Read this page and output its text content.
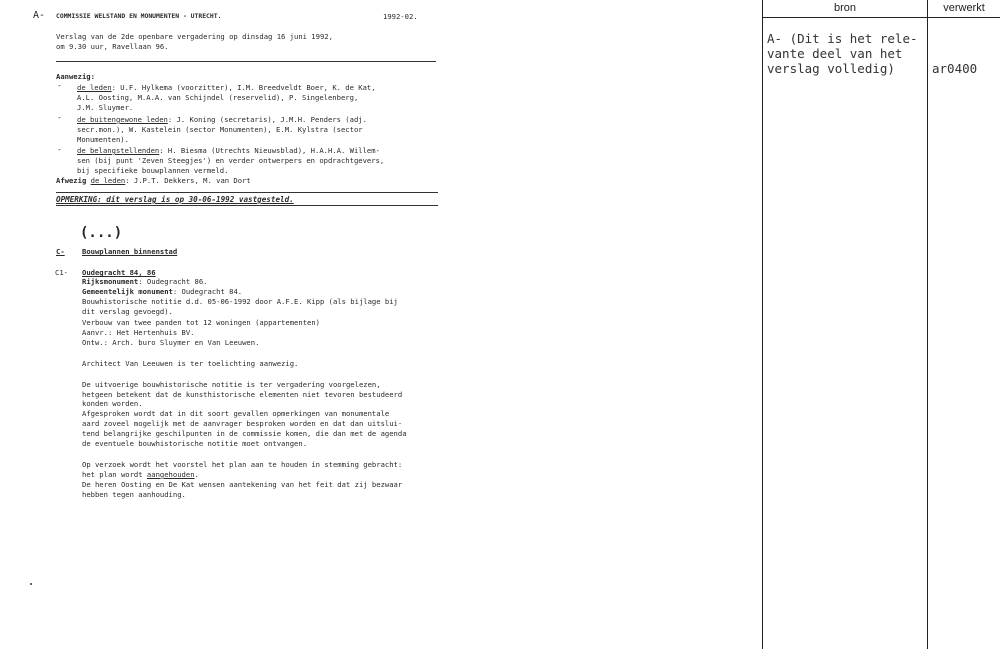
A- COMMISSIE WELSTAND EN MONUMENTEN - UTRECHT.	1992-02.
Verslag van de 2de openbare vergadering op dinsdag 16 juni 1992,
om 9.30 uur, Ravellaan 96.
Aanwezig:
- de leden: U.F. Hylkema (voorzitter), I.M. Breedveldt Boer, K. de Kat,
A.L. Oosting, M.A.A. van Schijndel (reservelid), P. Singelenberg,
J.M. Sluymer.
- de buitengewone leden: J. Koning (secretaris), J.M.H. Penders (adj.
secr.mon.), W. Kastelein (sector Monumenten), E.M. Kylstra (sector
Monumenten).
- de belangstellenden: H. Biesma (Utrechts Nieuwsblad), H.A.H.A. Willem-
sen (bij punt 'Zeven Steegjes') en verder ontwerpers en opdrachtgevers,
bij specifieke bouwplannen vermeld.
Afwezig de leden: J.P.T. Dekkers, M. van Dort
OPMERKING: dit verslag is op 30-06-1992 vastgesteld.
(...)
C- Bouwplannen binnenstad
C1- Oudegracht 84, 86
Rijksmonument: Oudegracht 86.
Gemeentelijk monument: Oudegracht 84.
Bouwhistorische notitie d.d. 05-06-1992 door A.F.E. Kipp (als bijlage bij
dit verslag gevoegd).
Verbouw van twee panden tot 12 woningen (appartementen)
Aanvr.: Het Hertenhuis BV.
Ontw.: Arch. buro Sluymer en Van Leeuwen.
Architect Van Leeuwen is ter toelichting aanwezig.
De uitvoerige bouwhistorische notitie is ter vergadering voorgelezen,
hetgeen betekent dat de kunsthistorische elementen niet tevoren bestudeerd
konden worden.
Afgesproken wordt dat in dit soort gevallen opmerkingen van monumentale
aard zoveel mogelijk met de aanvrager besproken worden en dat dan uitslui-
tend belangrijke geschilpunten in de commissie komen, die dan met de agenda
de eventuele bouwhistorische notitie moet ontvangen.
Op verzoek wordt het voorstel het plan aan te houden in stemming gebracht:
het plan wordt aangehouden.
De heren Oosting en De Kat wensen aantekening van het feit dat zij bezwaar
hebben tegen aanhouding.
bron	verwerkt
A- (Dit is het rele-
vante deel van het
verslag volledig)	ar0400
